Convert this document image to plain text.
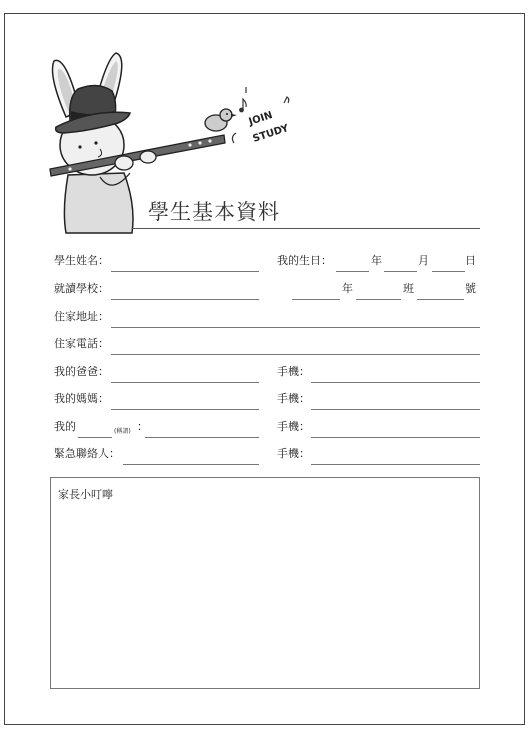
JOIN
STUDY
學生基本資料
學生姓名：	我的生日：	年	月	日
就讀學校：	年	班	號
住家地址：
住家電話：
我的爸爸：	手機：
我的媽媽：	手機：
我的	(稱謂) ：	手機：
緊急聯絡人：	手機：
家長小叮嚀
